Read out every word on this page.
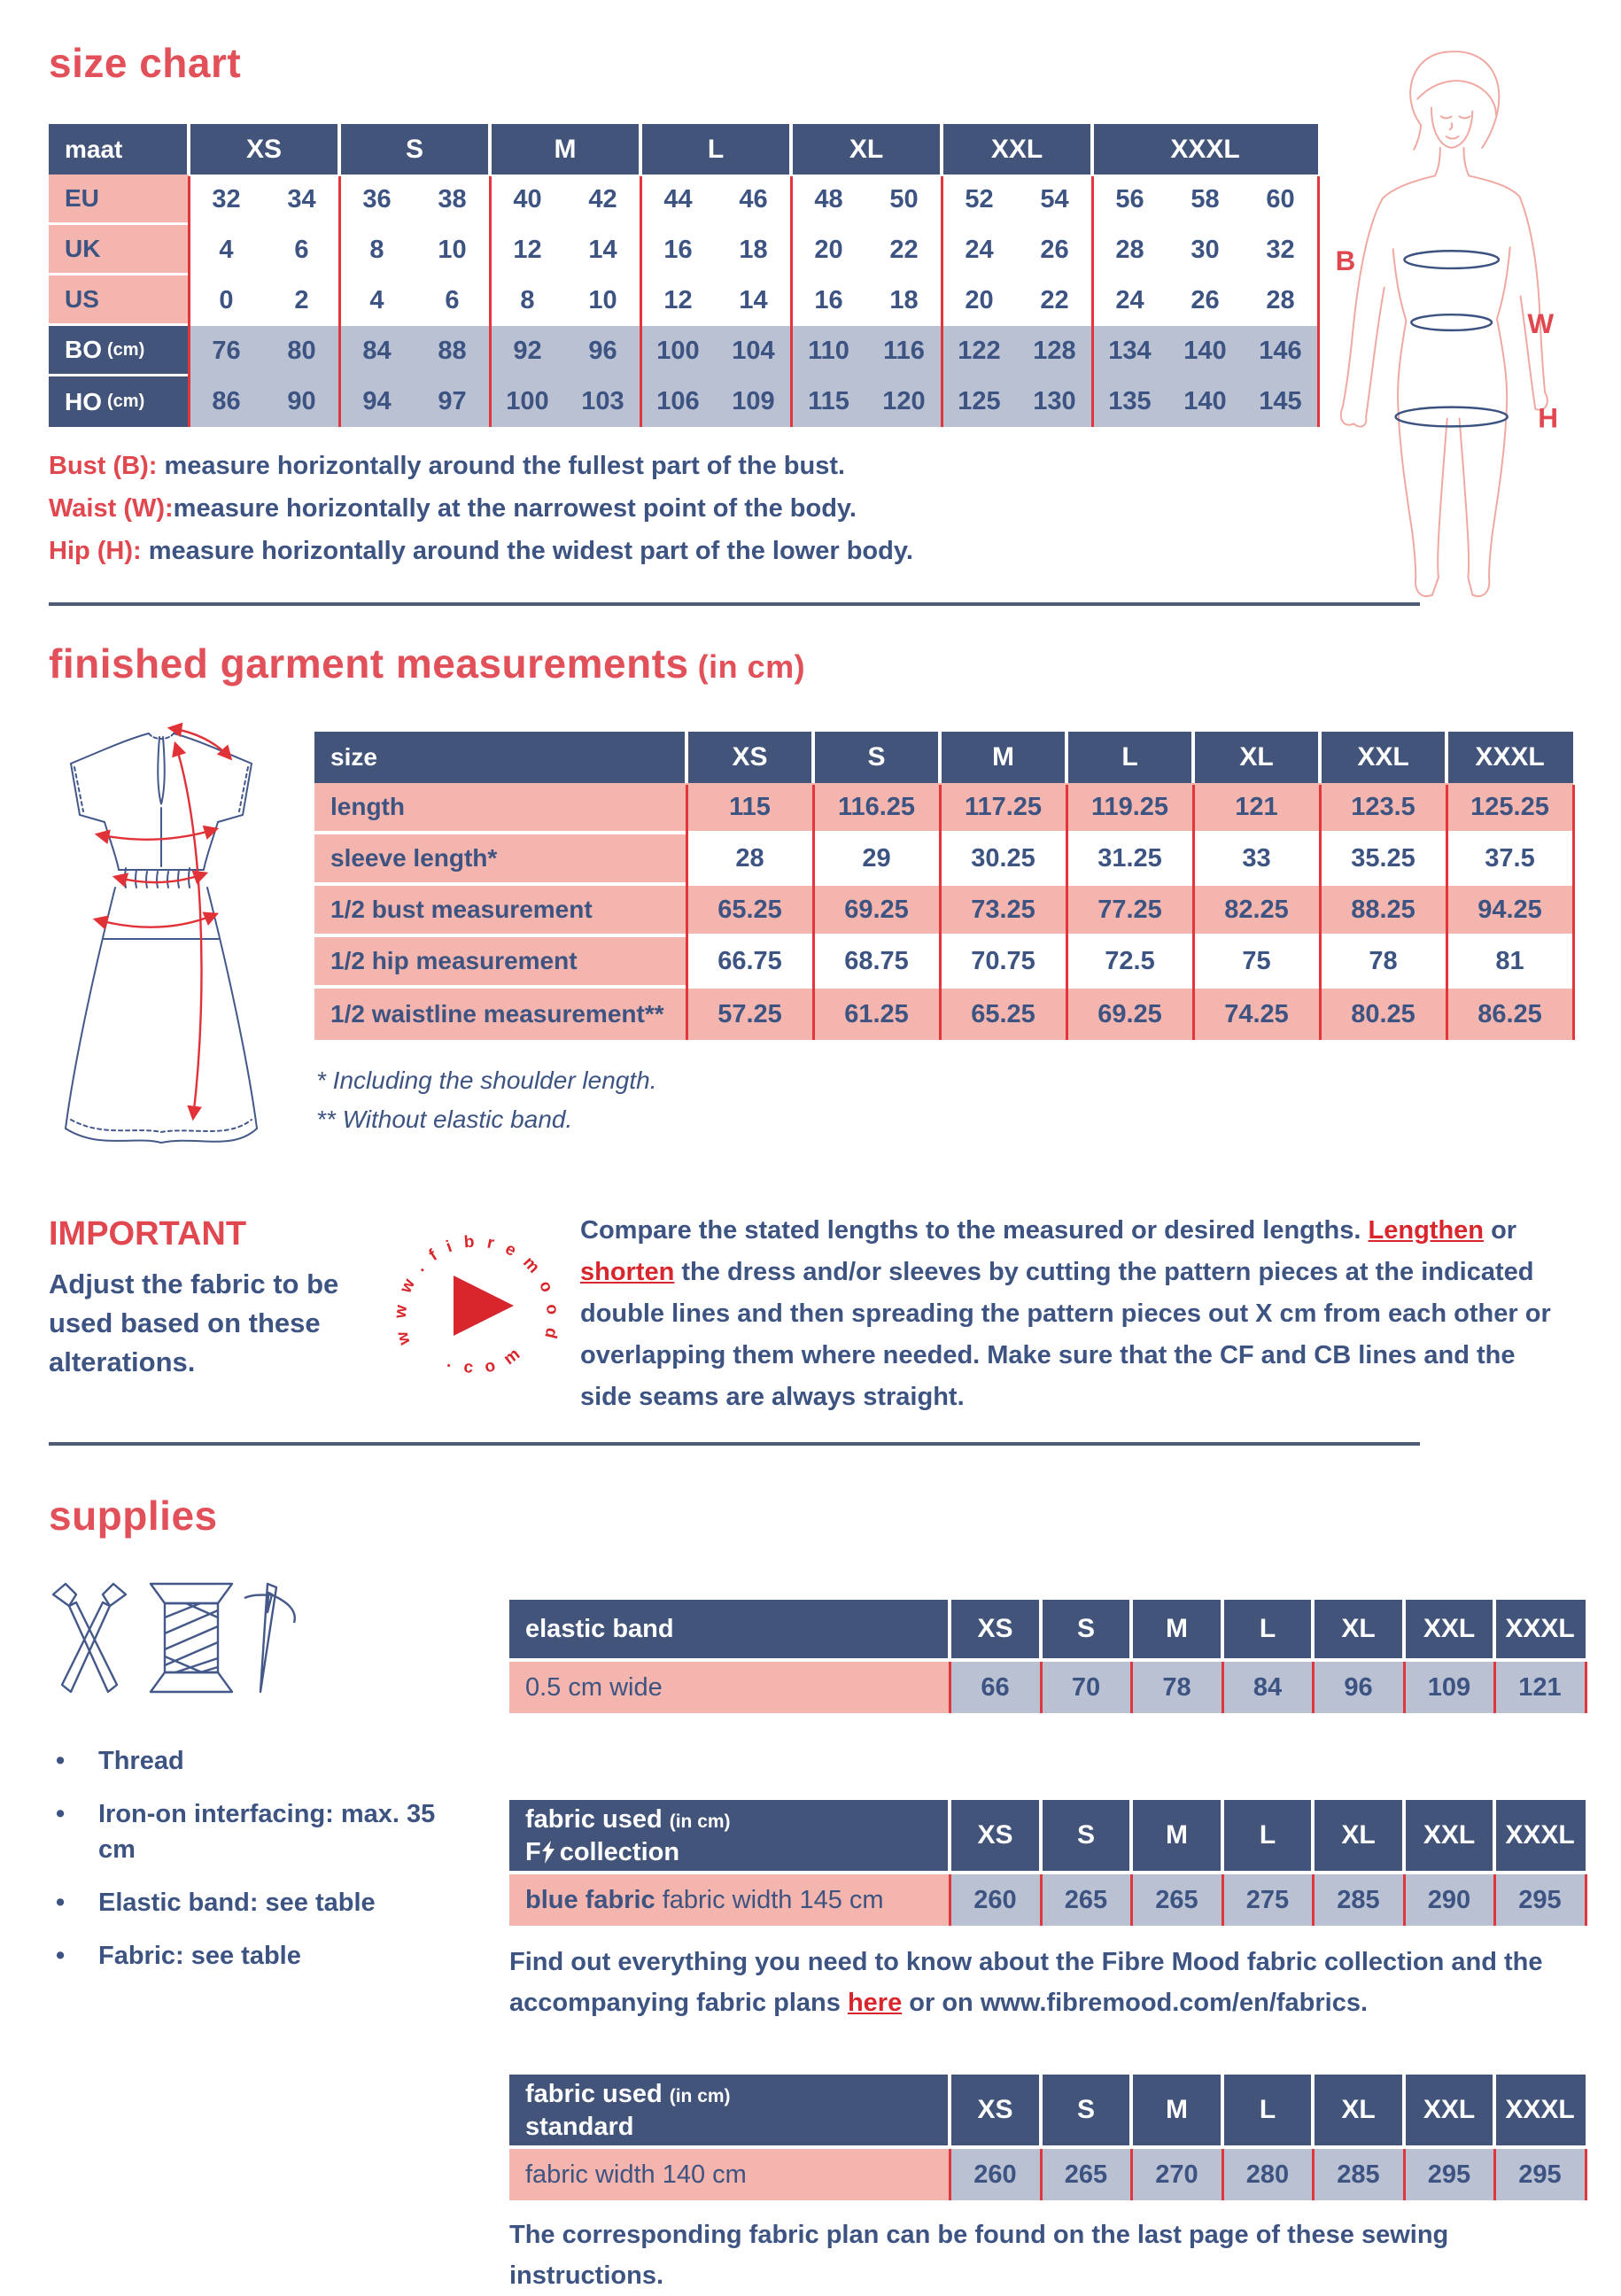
size chart
maat	XS	S	M	L	XL	XXL	XXXL
EU	32	34	36	38	40	42	44	46	48	50	52	54	56	58	60
UK	4	6	8	10	12	14	16	18	20	22	24	26	28	30	32
US	0	2	4	6	8	10	12	14	16	18	20	22	24	26	28
BO (cm)	76	80	84	88	92	96	100	104	110	116	122	128	134	140	146
HO (cm)	86	90	94	97	100	103	106	109	115	120	125	130	135	140	145
Bust (B): measure horizontally around the fullest part of the bust.
Waist (W):measure horizontally at the narrowest point of the body.
Hip (H): measure horizontally around the widest part of the lower body.
B
W
H
finished garment measurements (in cm)
size	XS	S	M	L	XL	XXL	XXXL
length	115	116.25	117.25	119.25	121	123.5	125.25
sleeve length*	28	29	30.25	31.25	33	35.25	37.5
1/2 bust measurement	65.25	69.25	73.25	77.25	82.25	88.25	94.25
1/2 hip measurement	66.75	68.75	70.75	72.5	75	78	81
1/2 waistline measurement**	57.25	61.25	65.25	69.25	74.25	80.25	86.25
* Including the shoulder length.
** Without elastic band.
IMPORTANT
Adjust the fabric to be used based on these alterations.
w w w . f i b r e m o o d
. c o m
Compare the stated lengths to the measured or desired lengths. Lengthen or shorten the dress and/or sleeves by cutting the pattern pieces at the indicated double lines and then spreading the pattern pieces out X cm from each other or overlapping them where needed. Make sure that the CF and CB lines and the side seams are always straight.
supplies
elastic band	XS	S	M	L	XL	XXL	XXXL
0.5 cm wide	66	70	78	84	96	109	121
• Thread
• Iron-on interfacing: max. 35 cm
• Elastic band: see table
• Fabric: see table
fabric used (in cm)
F collection
XS	S	M	L	XL	XXL	XXXL
blue fabric fabric width 145 cm	260	265	265	275	285	290	295
Find out everything you need to know about the Fibre Mood fabric collection and the accompanying fabric plans here or on www.fibremood.com/en/fabrics.
fabric used (in cm)
standard
XS	S	M	L	XL	XXL	XXXL
fabric width 140 cm	260	265	270	280	285	295	295
The corresponding fabric plan can be found on the last page of these sewing instructions.
